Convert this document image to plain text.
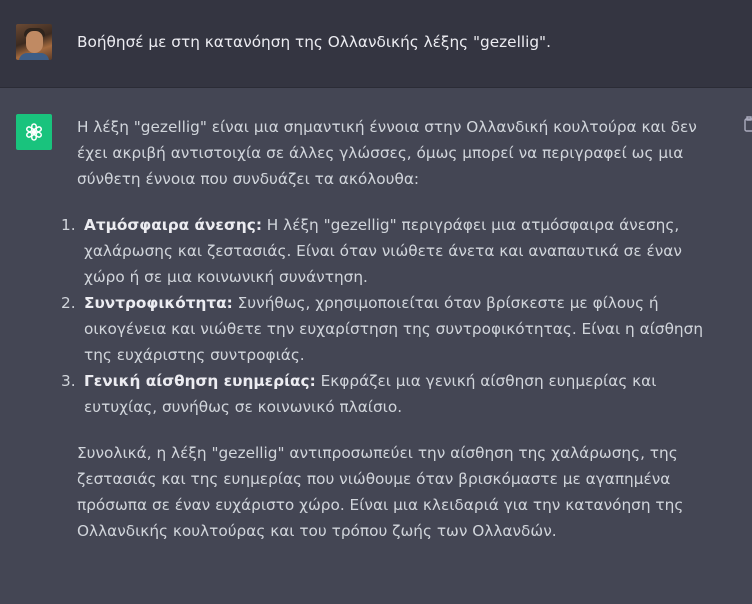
Βοήθησέ με στη κατανόηση της Ολλανδικής λέξης "gezellig".

Η λέξη "gezellig" είναι μια σημαντική έννοια στην Ολλανδική κουλτούρα και δεν έχει ακριβή αντιστοιχία σε άλλες γλώσσες, όμως μπορεί να περιγραφεί ως μια σύνθετη έννοια που συνδυάζει τα ακόλουθα:

1. Ατμόσφαιρα άνεσης: Η λέξη "gezellig" περιγράφει μια ατμόσφαιρα άνεσης, χαλάρωσης και ζεστασιάς. Είναι όταν νιώθετε άνετα και αναπαυτικά σε έναν χώρο ή σε μια κοινωνική συνάντηση.
2. Συντροφικότητα: Συνήθως, χρησιμοποιείται όταν βρίσκεστε με φίλους ή οικογένεια και νιώθετε την ευχαρίστηση της συντροφικότητας. Είναι η αίσθηση της ευχάριστης συντροφιάς.
3. Γενική αίσθηση ευημερίας: Εκφράζει μια γενική αίσθηση ευημερίας και ευτυχίας, συνήθως σε κοινωνικό πλαίσιο.

Συνολικά, η λέξη "gezellig" αντιπροσωπεύει την αίσθηση της χαλάρωσης, της ζεστασιάς και της ευημερίας που νιώθουμε όταν βρισκόμαστε με αγαπημένα πρόσωπα σε έναν ευχάριστο χώρο. Είναι μια κλειδαριά για την κατανόηση της Ολλανδικής κουλτούρας και του τρόπου ζωής των Ολλανδών.
